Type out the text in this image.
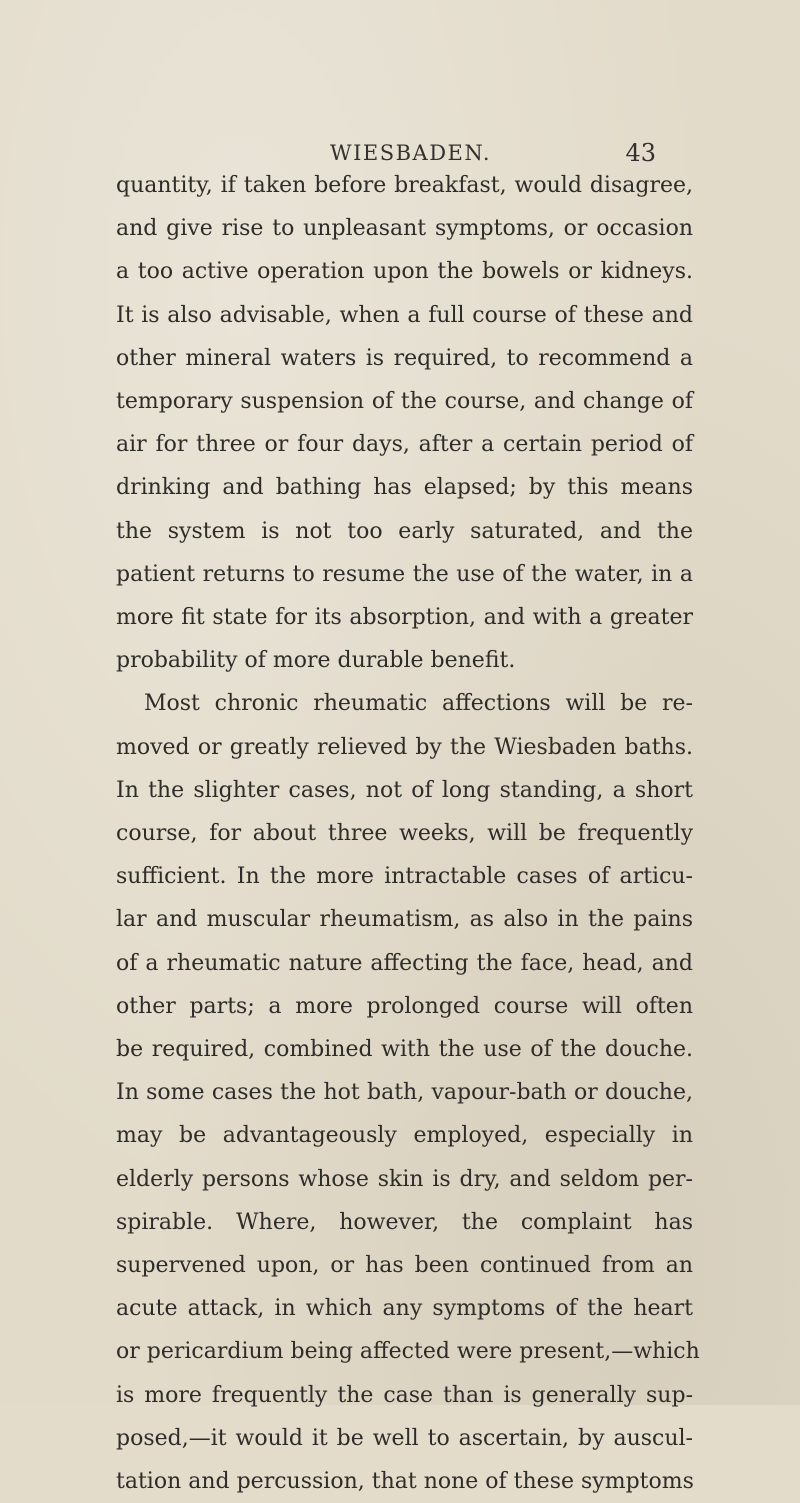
WIESBADEN.	43
quantity, if taken before breakfast, would disagree,
and give rise to unpleasant symptoms, or occasion
a too active operation upon the bowels or kidneys.
It is also advisable, when a full course of these and
other mineral waters is required, to recommend a
temporary suspension of the course, and change of
air for three or four days, after a certain period of
drinking and bathing has elapsed; by this means
the system is not too early saturated, and the
patient returns to resume the use of the water, in a
more fit state for its absorption, and with a greater
probability of more durable benefit.
Most chronic rheumatic affections will be re-
moved or greatly relieved by the Wiesbaden baths.
In the slighter cases, not of long standing, a short
course, for about three weeks, will be frequently
sufficient. In the more intractable cases of articu-
lar and muscular rheumatism, as also in the pains
of a rheumatic nature affecting the face, head, and
other parts; a more prolonged course will often
be required, combined with the use of the douche.
In some cases the hot bath, vapour-bath or douche,
may be advantageously employed, especially in
elderly persons whose skin is dry, and seldom per-
spirable. Where, however, the complaint has
supervened upon, or has been continued from an
acute attack, in which any symptoms of the heart
or pericardium being affected were present,—which
is more frequently the case than is generally sup-
posed,—it would it be well to ascertain, by auscul-
tation and percussion, that none of these symptoms
